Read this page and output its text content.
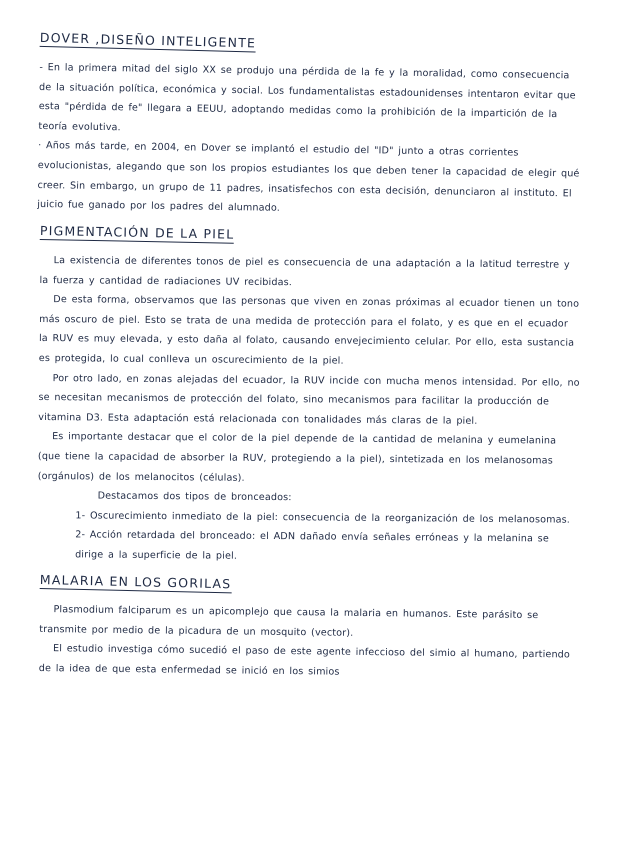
DOVER ,DISEÑO INTELIGENTE

- En la primera mitad del siglo XX se produjo una pérdida de la fe y la moralidad, como consecuencia de la situación política, económica y social. Los fundamentalistas estadounidenses intentaron evitar que esta "pérdida de fe" llegara a EEUU, adoptando medidas como la prohibición de la impartición de la teoría evolutiva.

· Años más tarde, en 2004, en Dover se implantó el estudio del "ID" junto a otras corrientes evolucionistas, alegando que son los propios estudiantes los que deben tener la capacidad de elegir qué creer. Sin embargo, un grupo de 11 padres, insatisfechos con esta decisión, denunciaron al instituto. El juicio fue ganado por los padres del alumnado.

PIGMENTACIÓN DE LA PIEL

La existencia de diferentes tonos de piel es consecuencia de una adaptación a la latitud terrestre y la fuerza y cantidad de radiaciones UV recibidas.

De esta forma, observamos que las personas que viven en zonas próximas al ecuador tienen un tono más oscuro de piel. Esto se trata de una medida de protección para el folato, y es que en el ecuador la RUV es muy elevada, y esto daña al folato, causando envejecimiento celular. Por ello, esta sustancia es protegida, lo cual conlleva un oscurecimiento de la piel.

Por otro lado, en zonas alejadas del ecuador, la RUV incide con mucha menos intensidad. Por ello, no se necesitan mecanismos de protección del folato, sino mecanismos para facilitar la producción de vitamina D3. Esta adaptación está relacionada con tonalidades más claras de la piel.

Es importante destacar que el color de la piel depende de la cantidad de melanina y eumelanina (que tiene la capacidad de absorber la RUV, protegiendo a la piel), sintetizada en los melanosomas (orgánulos) de los melanocitos (células).

Destacamos dos tipos de bronceados:

1- Oscurecimiento inmediato de la piel: consecuencia de la reorganización de los melanosomas.

2- Acción retardada del bronceado: el ADN dañado envía señales erróneas y la melanina se dirige a la superficie de la piel.

MALARIA EN LOS GORILAS

Plasmodium falciparum es un apicomplejo que causa la malaria en humanos. Este parásito se transmite por medio de la picadura de un mosquito (vector).

El estudio investiga cómo sucedió el paso de este agente infeccioso del simio al humano, partiendo de la idea de que esta enfermedad se inició en los simios
